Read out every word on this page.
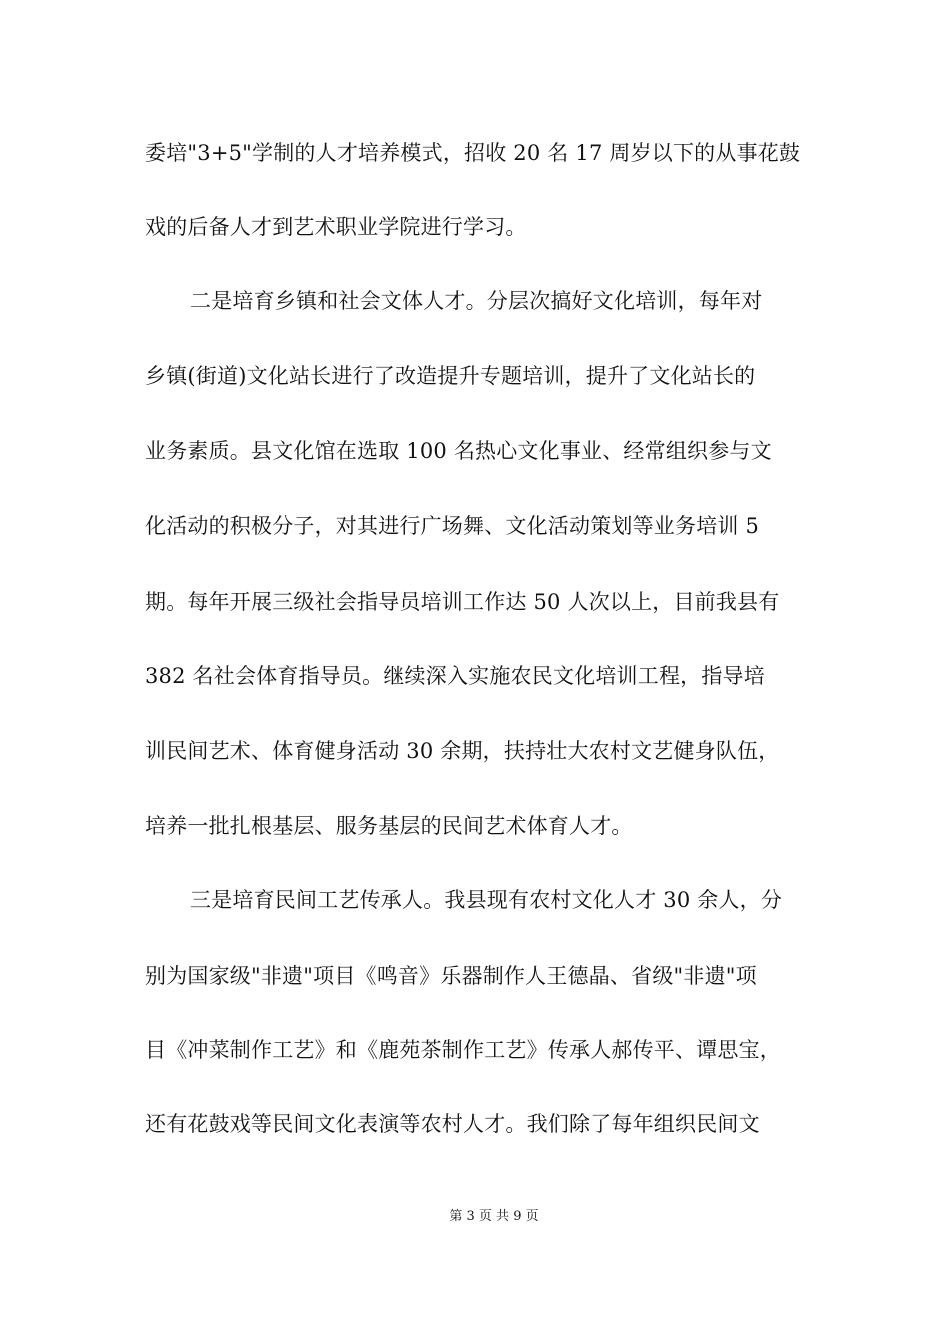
委培"3+5"学制的人才培养模式，招收 20 名 17 周岁以下的从事花鼓
戏的后备人才到艺术职业学院进行学习。
二是培育乡镇和社会文体人才。分层次搞好文化培训，每年对
乡镇(街道)文化站长进行了改造提升专题培训，提升了文化站长的
业务素质。县文化馆在选取 100 名热心文化事业、经常组织参与文
化活动的积极分子，对其进行广场舞、文化活动策划等业务培训 5
期。每年开展三级社会指导员培训工作达 50 人次以上，目前我县有
382 名社会体育指导员。继续深入实施农民文化培训工程，指导培
训民间艺术、体育健身活动 30 余期，扶持壮大农村文艺健身队伍，
培养一批扎根基层、服务基层的民间艺术体育人才。
三是培育民间工艺传承人。我县现有农村文化人才 30 余人，分
别为国家级"非遗"项目《鸣音》乐器制作人王德晶、省级"非遗"项
目《冲菜制作工艺》和《鹿苑茶制作工艺》传承人郝传平、谭思宝，
还有花鼓戏等民间文化表演等农村人才。我们除了每年组织民间文
第 3 页 共 9 页
